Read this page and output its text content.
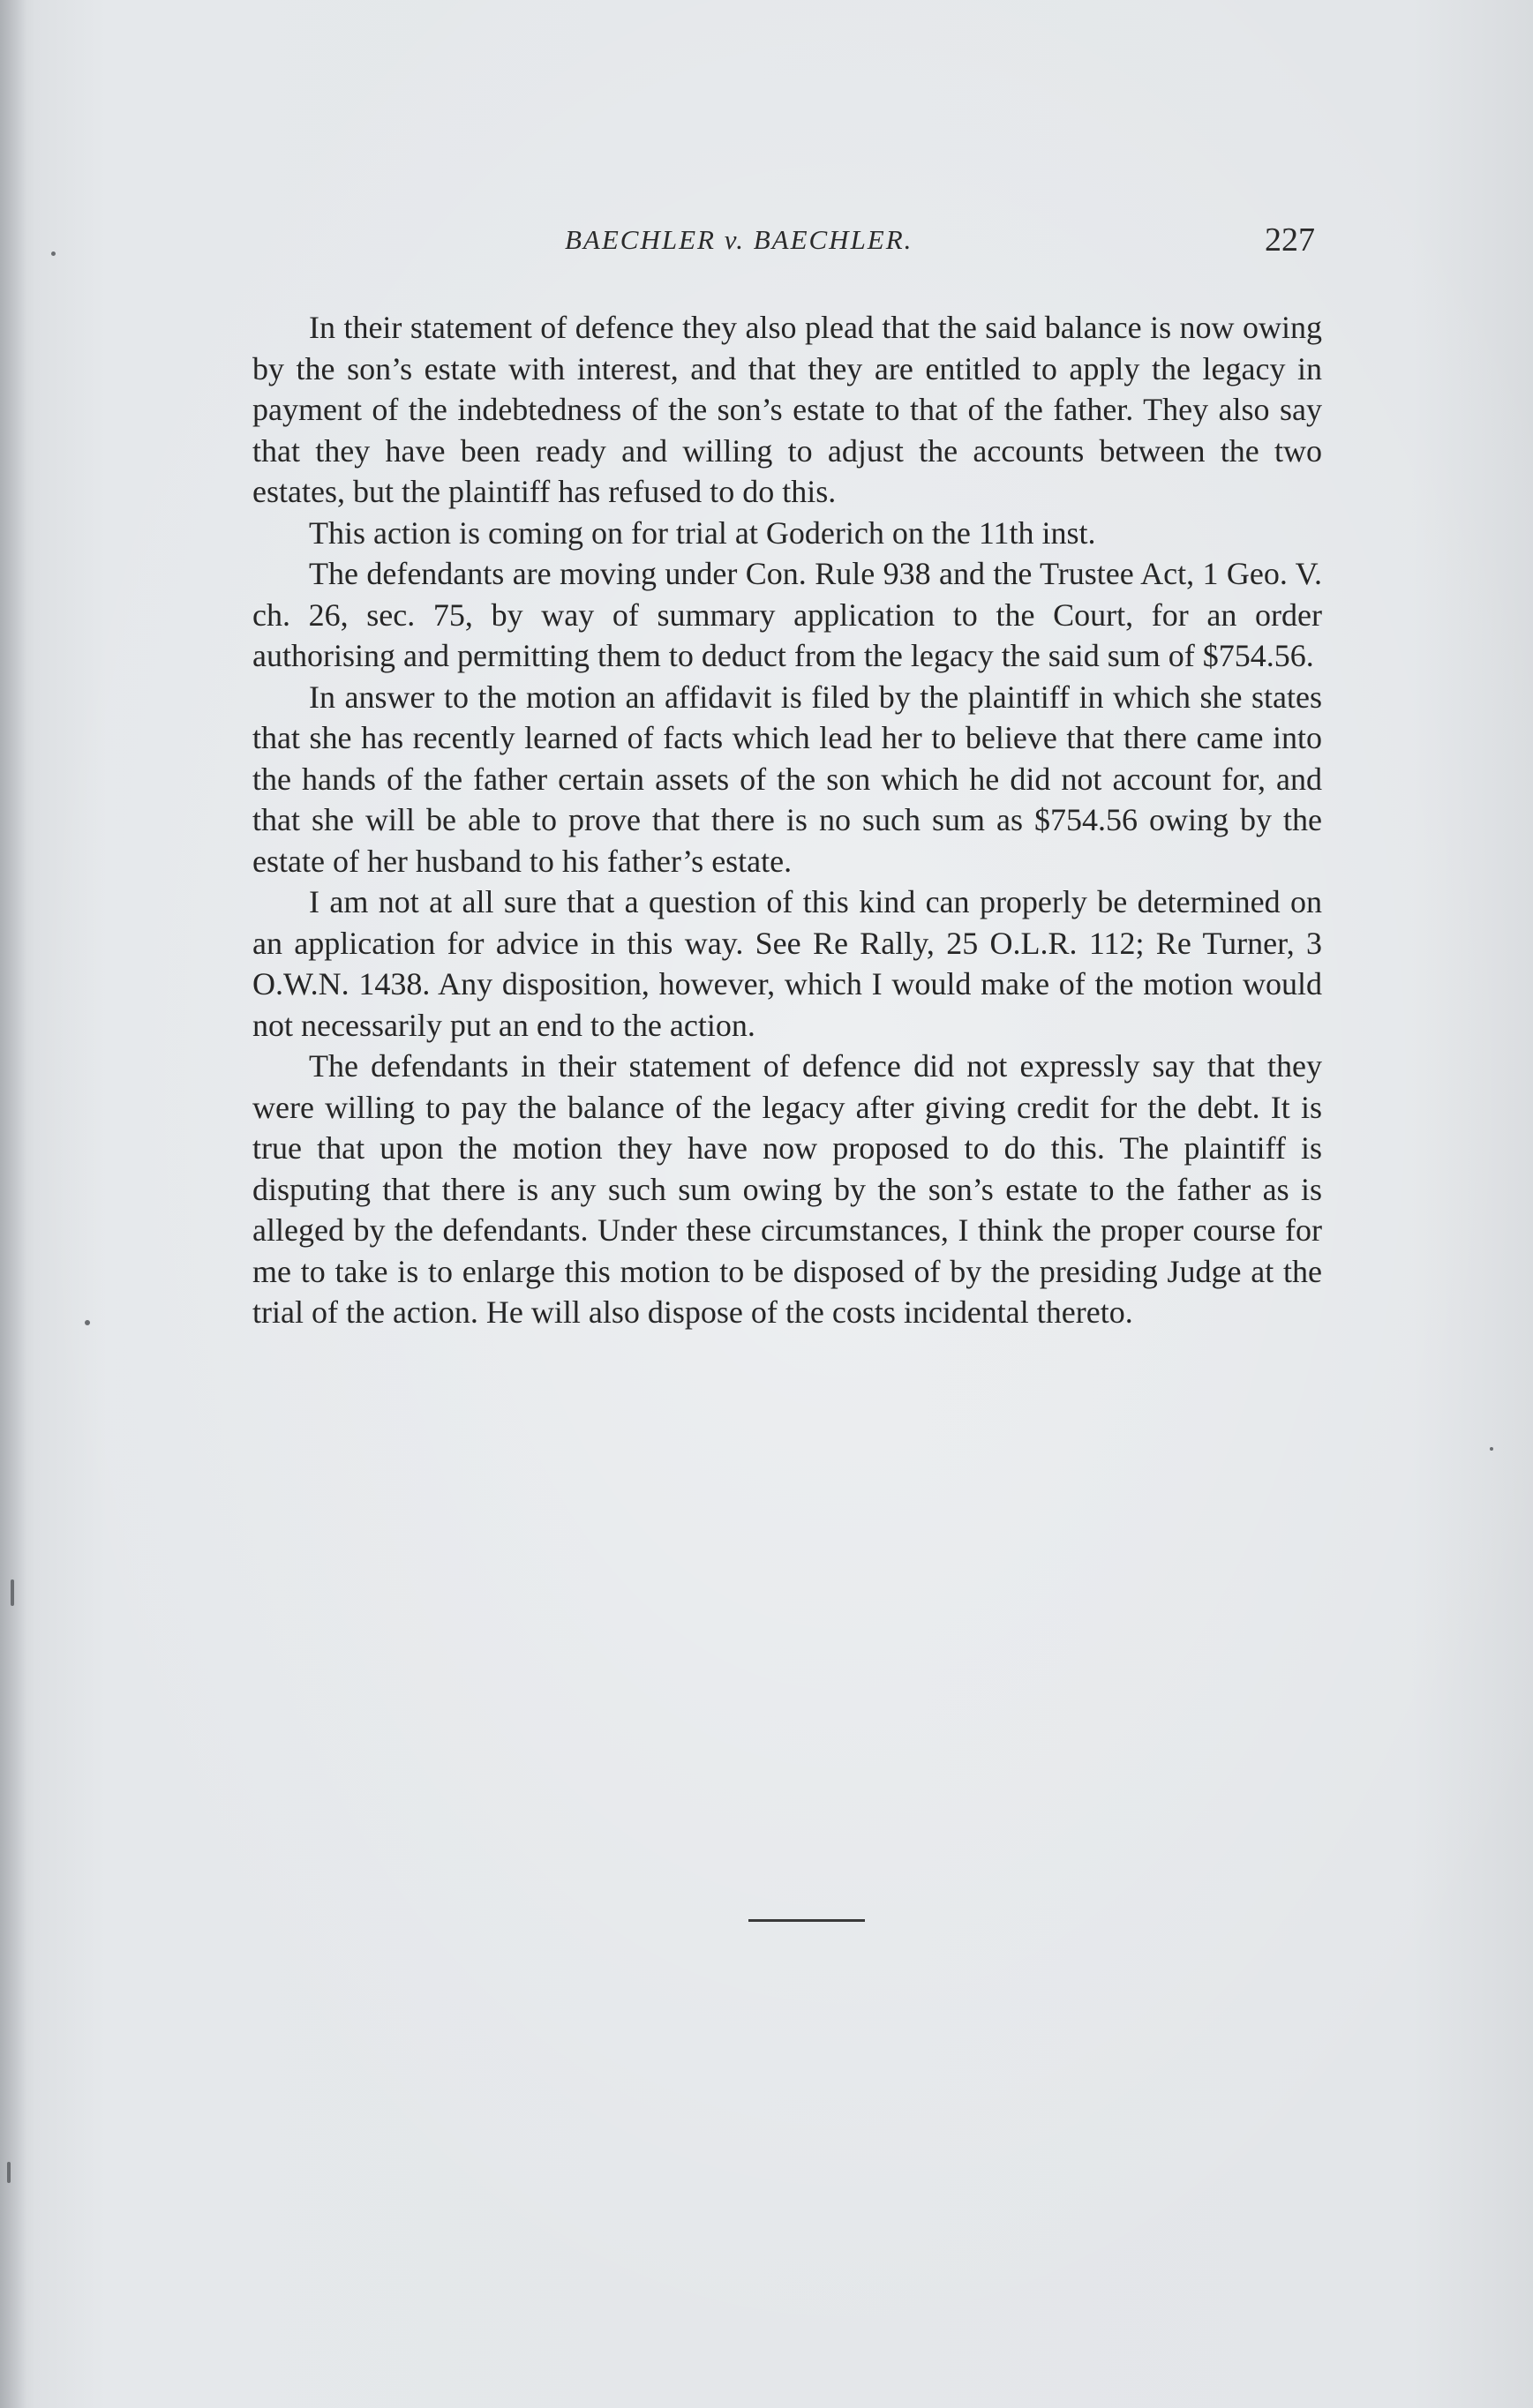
BAECHLER v. BAECHLER.	227

In their statement of defence they also plead that the said balance is now owing by the son’s estate with interest, and that they are entitled to apply the legacy in payment of the indebtedness of the son’s estate to that of the father. They also say that they have been ready and willing to adjust the accounts between the two estates, but the plaintiff has refused to do this.

This action is coming on for trial at Goderich on the 11th inst.

The defendants are moving under Con. Rule 938 and the Trustee Act, 1 Geo. V. ch. 26, sec. 75, by way of summary application to the Court, for an order authorising and permitting them to deduct from the legacy the said sum of $754.56.

In answer to the motion an affidavit is filed by the plaintiff in which she states that she has recently learned of facts which lead her to believe that there came into the hands of the father certain assets of the son which he did not account for, and that she will be able to prove that there is no such sum as $754.56 owing by the estate of her husband to his father’s estate.

I am not at all sure that a question of this kind can properly be determined on an application for advice in this way. See Re Rally, 25 O.L.R. 112; Re Turner, 3 O.W.N. 1438. Any disposition, however, which I would make of the motion would not necessarily put an end to the action.

The defendants in their statement of defence did not expressly say that they were willing to pay the balance of the legacy after giving credit for the debt. It is true that upon the motion they have now proposed to do this. The plaintiff is disputing that there is any such sum owing by the son’s estate to the father as is alleged by the defendants. Under these circumstances, I think the proper course for me to take is to enlarge this motion to be disposed of by the presiding Judge at the trial of the action. He will also dispose of the costs incidental thereto.
